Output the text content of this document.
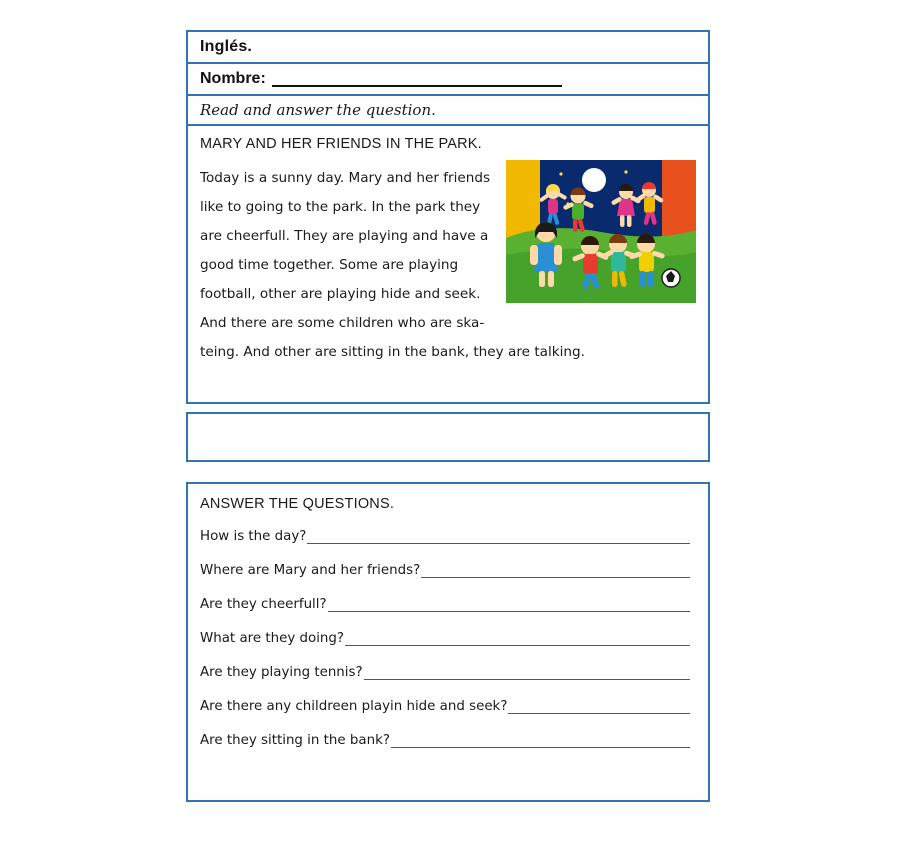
Inglés.
Nombre:
Read and answer the question.
MARY AND HER FRIENDS IN THE PARK.
Today is a sunny day. Mary and her friends
like to going to the park. In the park they
are cheerfull. They are playing and have a
good time together. Some are playing
football, other are playing hide and seek.
And there are some children who are ska-

teing. And other are sitting in the bank, they are talking.
ANSWER THE QUESTIONS.
How is the day?
Where are Mary and her friends?
Are they cheerfull?
What are they doing?
Are they playing tennis?
Are there any childreen playin hide and seek?
Are they sitting in the bank?
